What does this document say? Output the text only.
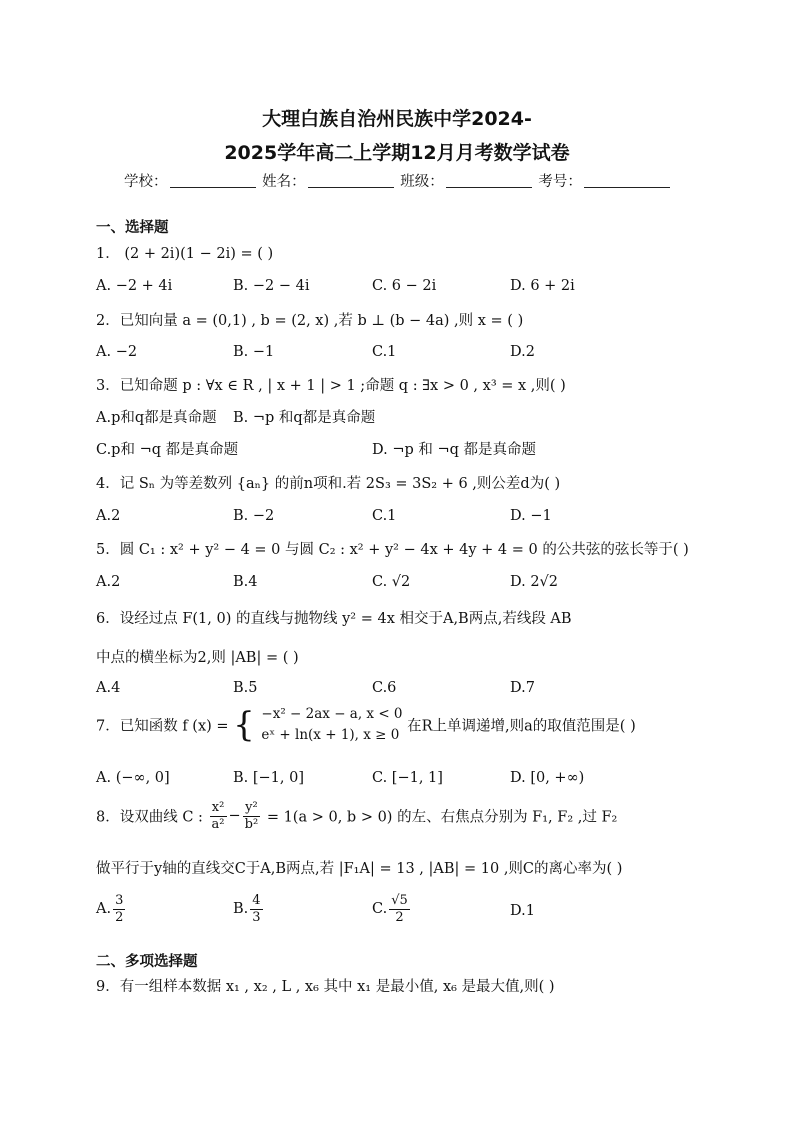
大理白族自治州民族中学2024-
2025学年高二上学期12月月考数学试卷
学校：	姓名：	班级：	考号：
一、选择题
1． (2 + 2i)(1 − 2i) = ( )
A. −2 + 4i	B. −2 − 4i	C. 6 − 2i	D. 6 + 2i
2．已知向量 a = (0,1) , b = (2, x) ,若 b ⊥ (b − 4a) ,则 x = ( )
A. −2	B. −1	C.1	D.2
3．已知命题 p : ∀x ∈ R , | x + 1 | > 1 ;命题 q : ∃x > 0 , x³ = x ,则( )
A.p和q都是真命题 B. ¬p 和q都是真命题
C.p和 ¬q 都是真命题	D. ¬p 和 ¬q 都是真命题
4．记 Sₙ 为等差数列 {aₙ} 的前n项和.若 2S₃ = 3S₂ + 6 ,则公差d为( )
A.2	B. −2	C.1	D. −1
5．圆 C₁ : x² + y² − 4 = 0 与圆 C₂ : x² + y² − 4x + 4y + 4 = 0 的公共弦的弦长等于( )
A.2	B.4	C. √2	D. 2√2
6．设经过点 F(1, 0) 的直线与抛物线 y² = 4x 相交于A,B两点,若线段 AB
中点的横坐标为2,则 |AB| = ( )
A.4	B.5	C.6	D.7
7．已知函数 f (x) = { −x² − 2ax − a, x < 0
eˣ + ln(x + 1), x ≥ 0
在R上单调递增,则a的取值范围是( )
A. (−∞, 0]	B. [−1, 0]	C. [−1, 1]	D. [0, +∞)
8．设双曲线 C : $\frac{\text{x²}}{\text{a²}} - \frac{\text{y²}}{\text{b²}} = 1(a > 0$, b > 0) 的左、右焦点分别为 F₁, F₂ ,过 F₂
做平行于y轴的直线交C于A,B两点,若 |F₁A| = 13 , |AB| = 10 ,则C的离心率为( )
A. $\frac{3}{2}$	B. $\frac{4}{3}$	C. $\frac{√5}{2}$	D.1
二、多项选择题
9．有一组样本数据 x₁ , x₂ , L , x₆ 其中 x₁ 是最小值, x₆ 是最大值,则( )
